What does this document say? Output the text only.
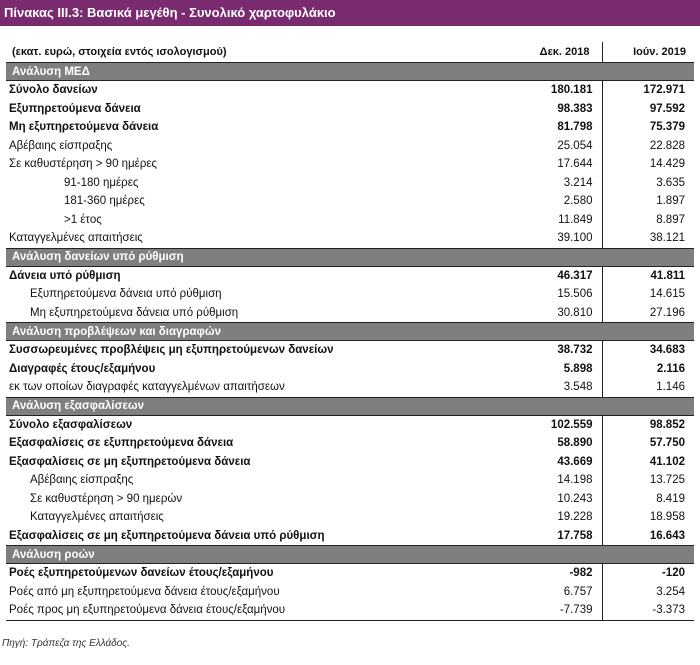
Πίνακας ΙΙΙ.3: Βασικά μεγέθη - Συνολικό χαρτοφυλάκιο
(εκατ. ευρώ, στοιχεία εντός ισολογισμού)	Δεκ. 2018	Ιούν. 2019
Ανάλυση ΜΕΔ		
Σύνολο δανείων	180.181	172.971
Εξυπηρετούμενα δάνεια	98.383	97.592
Μη εξυπηρετούμενα δάνεια	81.798	75.379
Αβέβαιης είσπραξης	25.054	22.828
Σε καθυστέρηση > 90 ημέρες	17.644	14.429
91-180 ημέρες	3.214	3.635
181-360 ημέρες	2.580	1.897
>1 έτος	11.849	8.897
Καταγγελμένες απαιτήσεις	39.100	38.121
Ανάλυση δανείων υπό ρύθμιση		
Δάνεια υπό ρύθμιση	46.317	41.811
Εξυπηρετούμενα δάνεια υπό ρύθμιση	15.506	14.615
Μη εξυπηρετούμενα δάνεια υπό ρύθμιση	30.810	27.196
Ανάλυση προβλέψεων και διαγραφών		
Συσσωρευμένες προβλέψεις μη εξυπηρετούμενων δανείων	38.732	34.683
Διαγραφές έτους/εξαμήνου	5.898	2.116
εκ των οποίων διαγραφές καταγγελμένων απαιτήσεων	3.548	1.146
Ανάλυση εξασφαλίσεων		
Σύνολο εξασφαλίσεων	102.559	98.852
Εξασφαλίσεις σε εξυπηρετούμενα δάνεια	58.890	57.750
Εξασφαλίσεις σε μη εξυπηρετούμενα δάνεια	43.669	41.102
Αβέβαιης είσπραξης	14.198	13.725
Σε καθυστέρηση > 90 ημερών	10.243	8.419
Καταγγελμένες απαιτήσεις	19.228	18.958
Εξασφαλίσεις σε μη εξυπηρετούμενα δάνεια υπό ρύθμιση	17.758	16.643
Ανάλυση ροών		
Ροές εξυπηρετούμενων δανείων έτους/εξαμήνου	-982	-120
Ροές από μη εξυπηρετούμενα δάνεια έτους/εξαμήνου	6.757	3.254
Ροές προς μη εξυπηρετούμενα δάνεια έτους/εξαμήνου	-7.739	-3.373
Πηγή: Τράπεζα της Ελλάδος.
